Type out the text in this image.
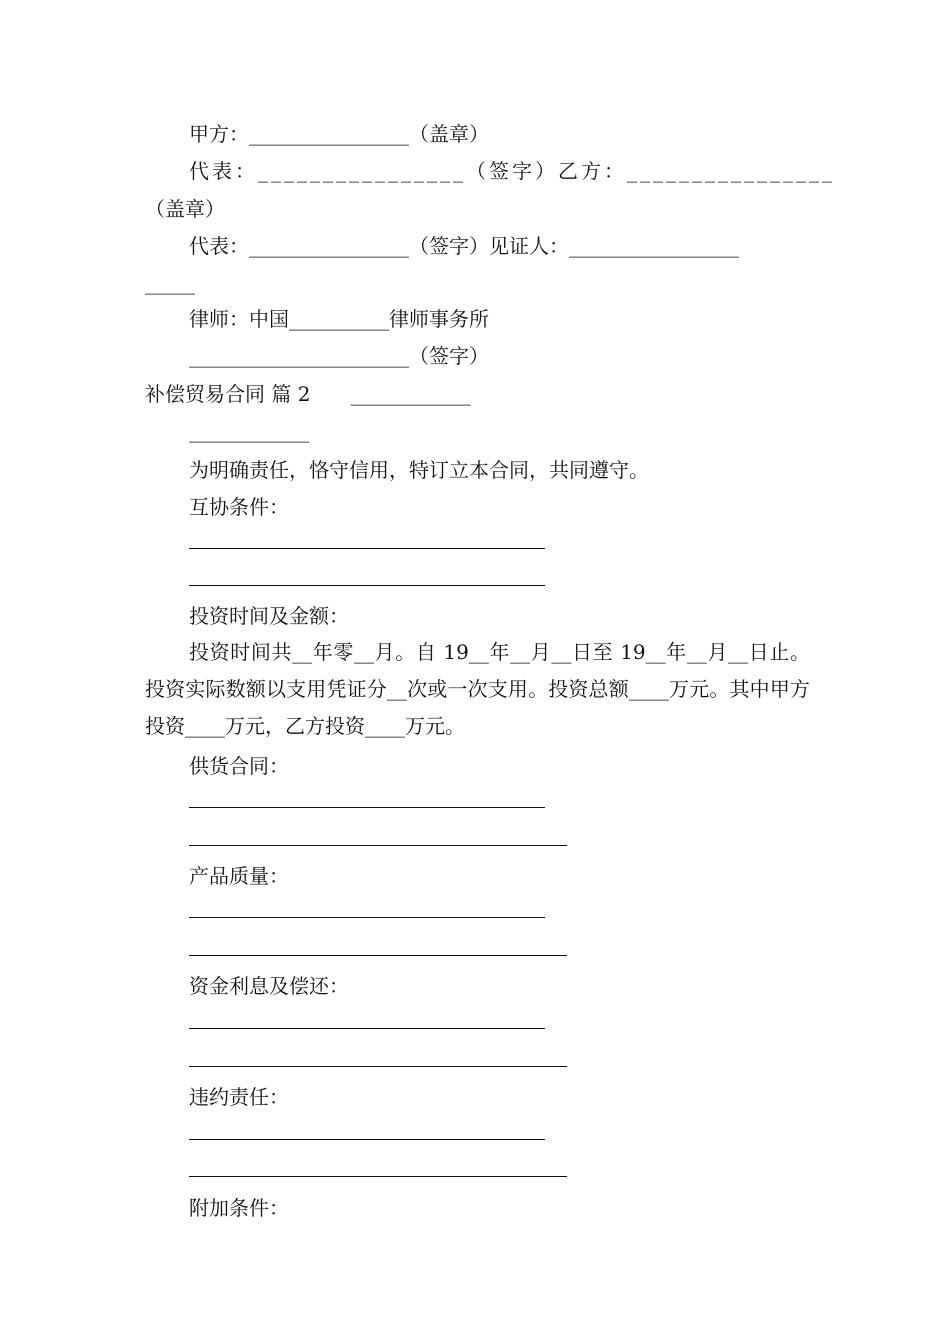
甲方：________________（盖章）
代表：________________（签字）乙方：________________
（盖章）
代表：________________（签字）见证人：_________________
_____
律师：中国__________律师事务所
______________________（签字）
补偿贸易合同 篇 2　　____________
____________
为明确责任，恪守信用，特订立本合同，共同遵守。
互协条件：
投资时间及金额：
投资时间共__年零__月。自 19__年__月__日至 19__年__月__日止。投资实际数额以支用凭证分__次或一次支用。投资总额____万元。其中甲方投资____万元，乙方投资____万元。
供货合同：
产品质量：
资金利息及偿还：
违约责任：
附加条件：
